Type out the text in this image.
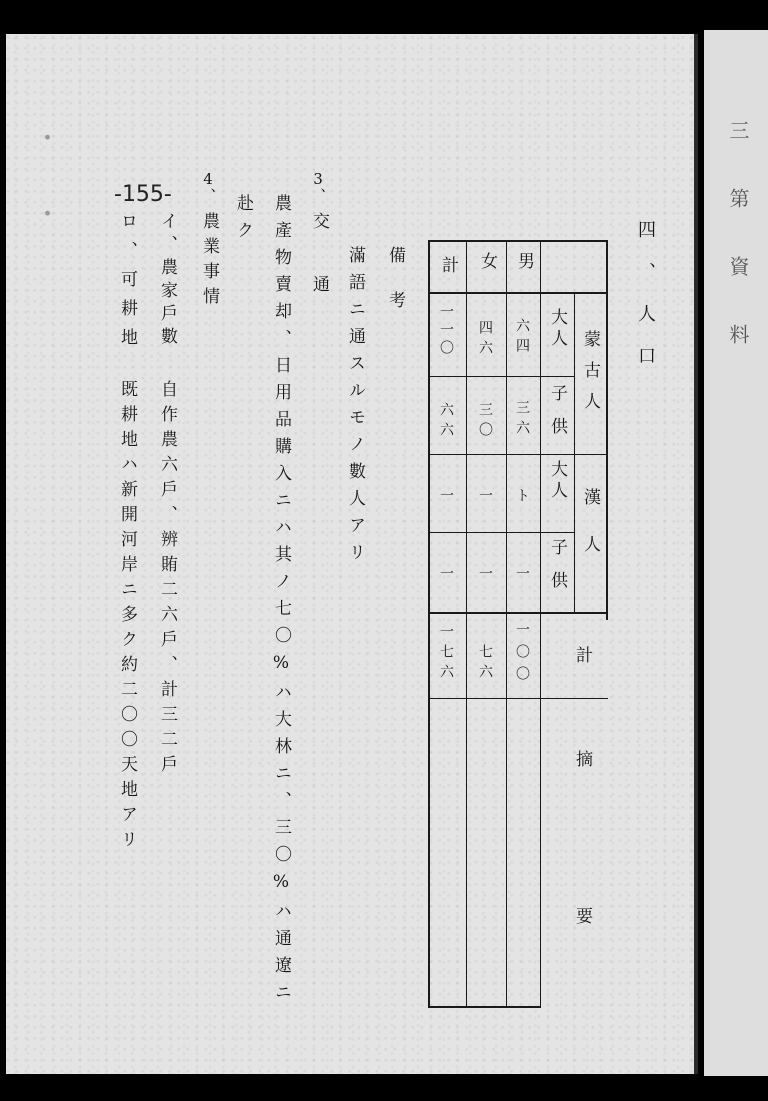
・ ・ -155-
四、人口
計 女 男
蒙古人
漢人
大人
子供
大人
子供
計
摘要
六四
三六
ト
一
一〇〇
四六
三〇
一
一
七六
一一〇
六六
一
一
一七六
備考
滿語ニ通スルモノ數人アリ
3、
交通
農產物賣却、日用品購入ニハ其ノ七〇%ハ大林ニ、三〇%ハ通遼ニ
赴ク
4、
農業事情
イ、農家戶數
自作農六戶、辨賄二六戶、計三二戶
ロ、可耕地
既耕地ハ新開河岸ニ多ク約二〇〇天地アリ
三第資料
